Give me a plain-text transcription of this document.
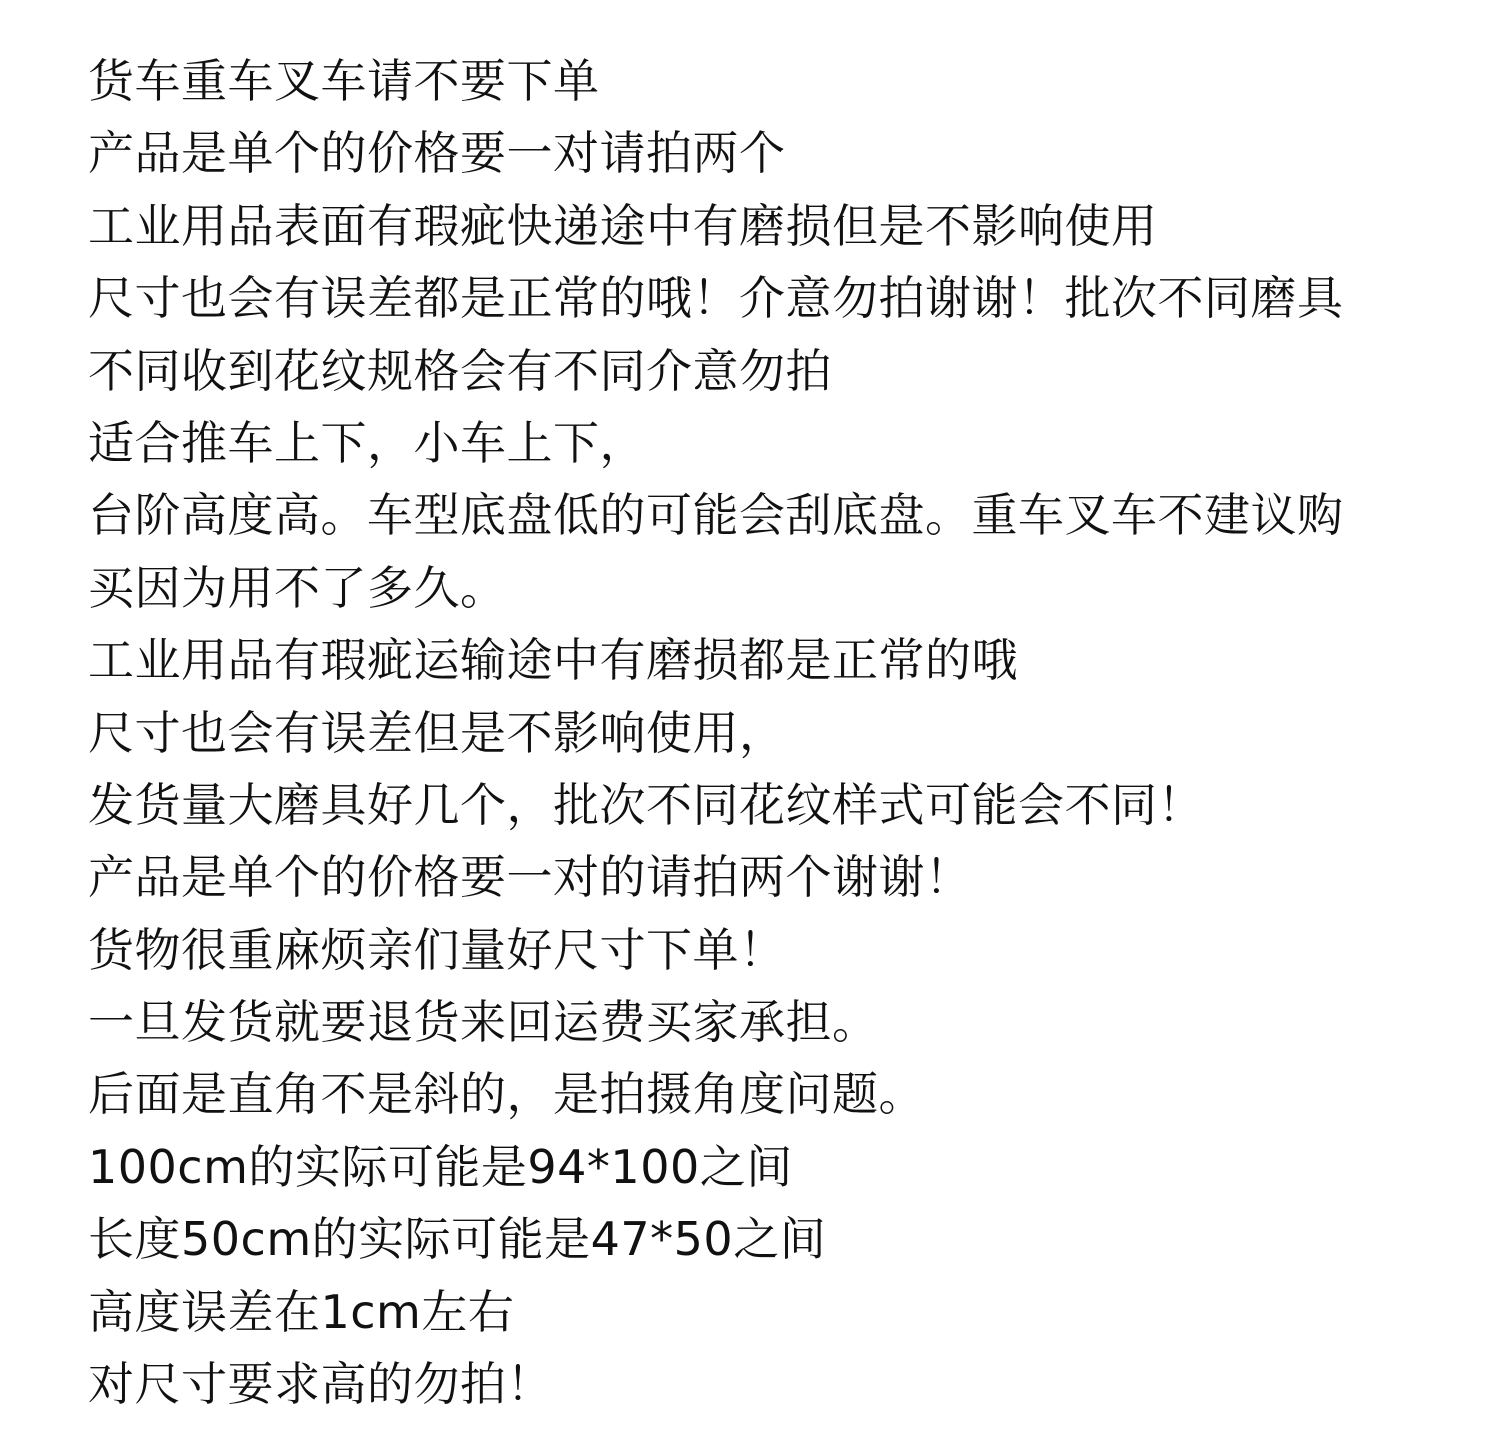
货车重车叉车请不要下单
产品是单个的价格要一对请拍两个
工业用品表面有瑕疵快递途中有磨损但是不影响使用
尺寸也会有误差都是正常的哦！介意勿拍谢谢！批次不同磨具
不同收到花纹规格会有不同介意勿拍
适合推车上下，小车上下，
台阶高度高。车型底盘低的可能会刮底盘。重车叉车不建议购
买因为用不了多久。
工业用品有瑕疵运输途中有磨损都是正常的哦
尺寸也会有误差但是不影响使用，
发货量大磨具好几个，批次不同花纹样式可能会不同！
产品是单个的价格要一对的请拍两个谢谢！
货物很重麻烦亲们量好尺寸下单！
一旦发货就要退货来回运费买家承担。
后面是直角不是斜的，是拍摄角度问题。
100cm的实际可能是94*100之间
长度50cm的实际可能是47*50之间
高度误差在1cm左右
对尺寸要求高的勿拍！
